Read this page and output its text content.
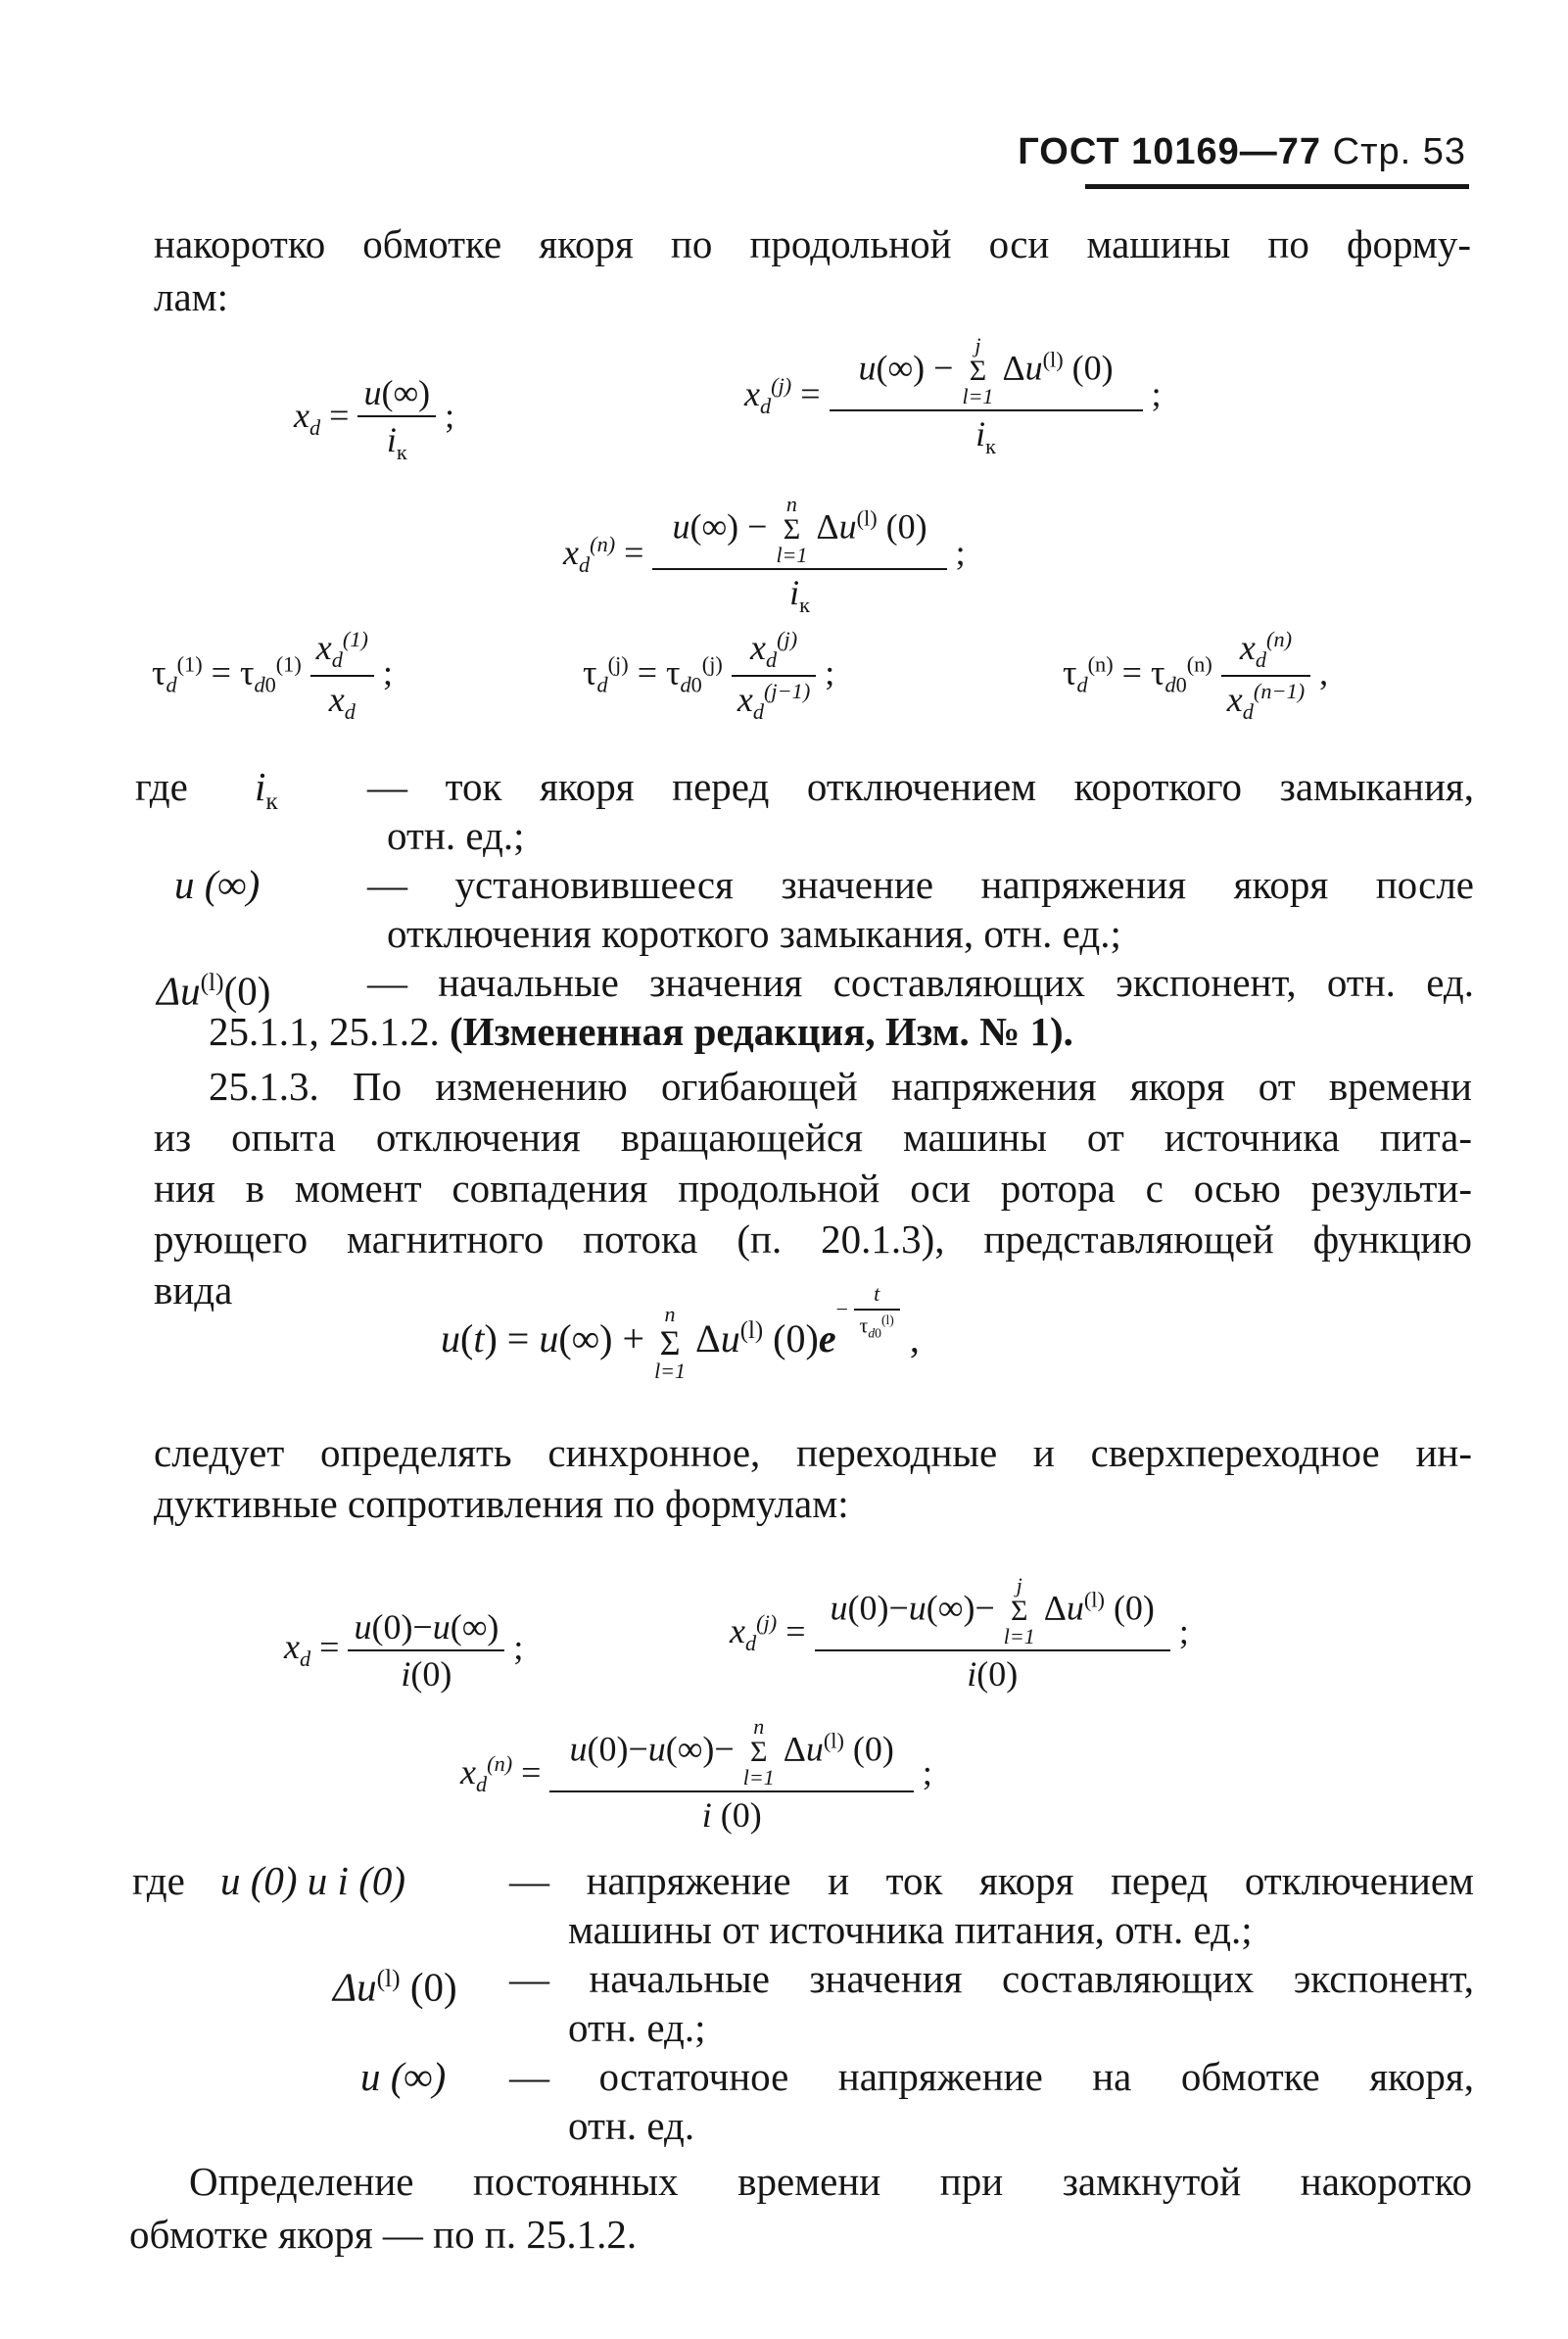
ГОСТ 10169—77 Стр. 53

накоротко обмотке якоря по продольной оси машины по форму-

лам:

$x_d = \frac{u(\infty)}{i_к}$ ;
$x_d^{(j)} = u(\infty)$ −
j
Σ
l=1
$\Delta u^{(l)}$ (0)
$i_к$ ;
$x_d^{(n)} = u(\infty)$ −
n
Σ
l=1
$\Delta u^{(l)}$ (0)
$i_к$ ;
$\tau_d^{(1)} = \tau_{d0}^{(1)} \frac{x_d^{(1)}}{x_d}$ ;	$\tau_d^{(j)} = \tau_{d0}^{(j)} \frac{x_d^{(j)}}{x_d^{(j-1)}}$ ;	$\tau_d^{(n)} = \tau_{d0}^{(n)} \frac{x_d^{(n)}}{x_d^{(n-1)}}$ ,
где $i_к$ — ток якоря перед отключением короткого замыкания,
отн. ед.;
u (∞)	— установившееся значение напряжения якоря после
отключения короткого замыкания, отн. ед.;
$\Delta u^{(l)}(0)$ — начальные значения составляющих экспонент, отн. ед.
25.1.1, 25.1.2. (Измененная редакция, Изм. № 1).

25.1.3. По изменению огибающей напряжения якоря от времени

из опыта отключения вращающейся машины от источника пита-

ния в момент совпадения продольной оси ротора с осью результи-

рующего магнитного потока (п. 20.1.3), представляющей функцию

вида

u(t) = u(∞) +
n
Σ
l=1
$\Delta u^{(l)}$ $(0)e^{- \frac{t}{\tau_{d0}^{(l)}}}$ ,

следует определять синхронное, переходные и сверхпереходное ин-

дуктивные сопротивления по формулам:

$x_d = \frac{u(0)-u(\infty)}{i(0)}$ ;	$x_d^{(j)} = u(0)-u(\infty)-$
j
Σ
l=1
$\Delta u^{(l)}$ (0)
i(0) ;
$x_d^{(n)} = u(0)-u(\infty)-$
n
Σ
l=1
$\Delta u^{(l)}$ (0)
i (0) ;
где u (0) и i (0)	— напряжение и ток якоря перед отключением
машины от источника питания, отн. ед.;
$\Delta u^{(l)}$ (0) — начальные значения составляющих экспонент,
отн. ед.;
u (∞) — остаточное напряжение на обмотке якоря,
отн. ед.

Определение постоянных времени при замкнутой накоротко

обмотке якоря — по п. 25.1.2.
